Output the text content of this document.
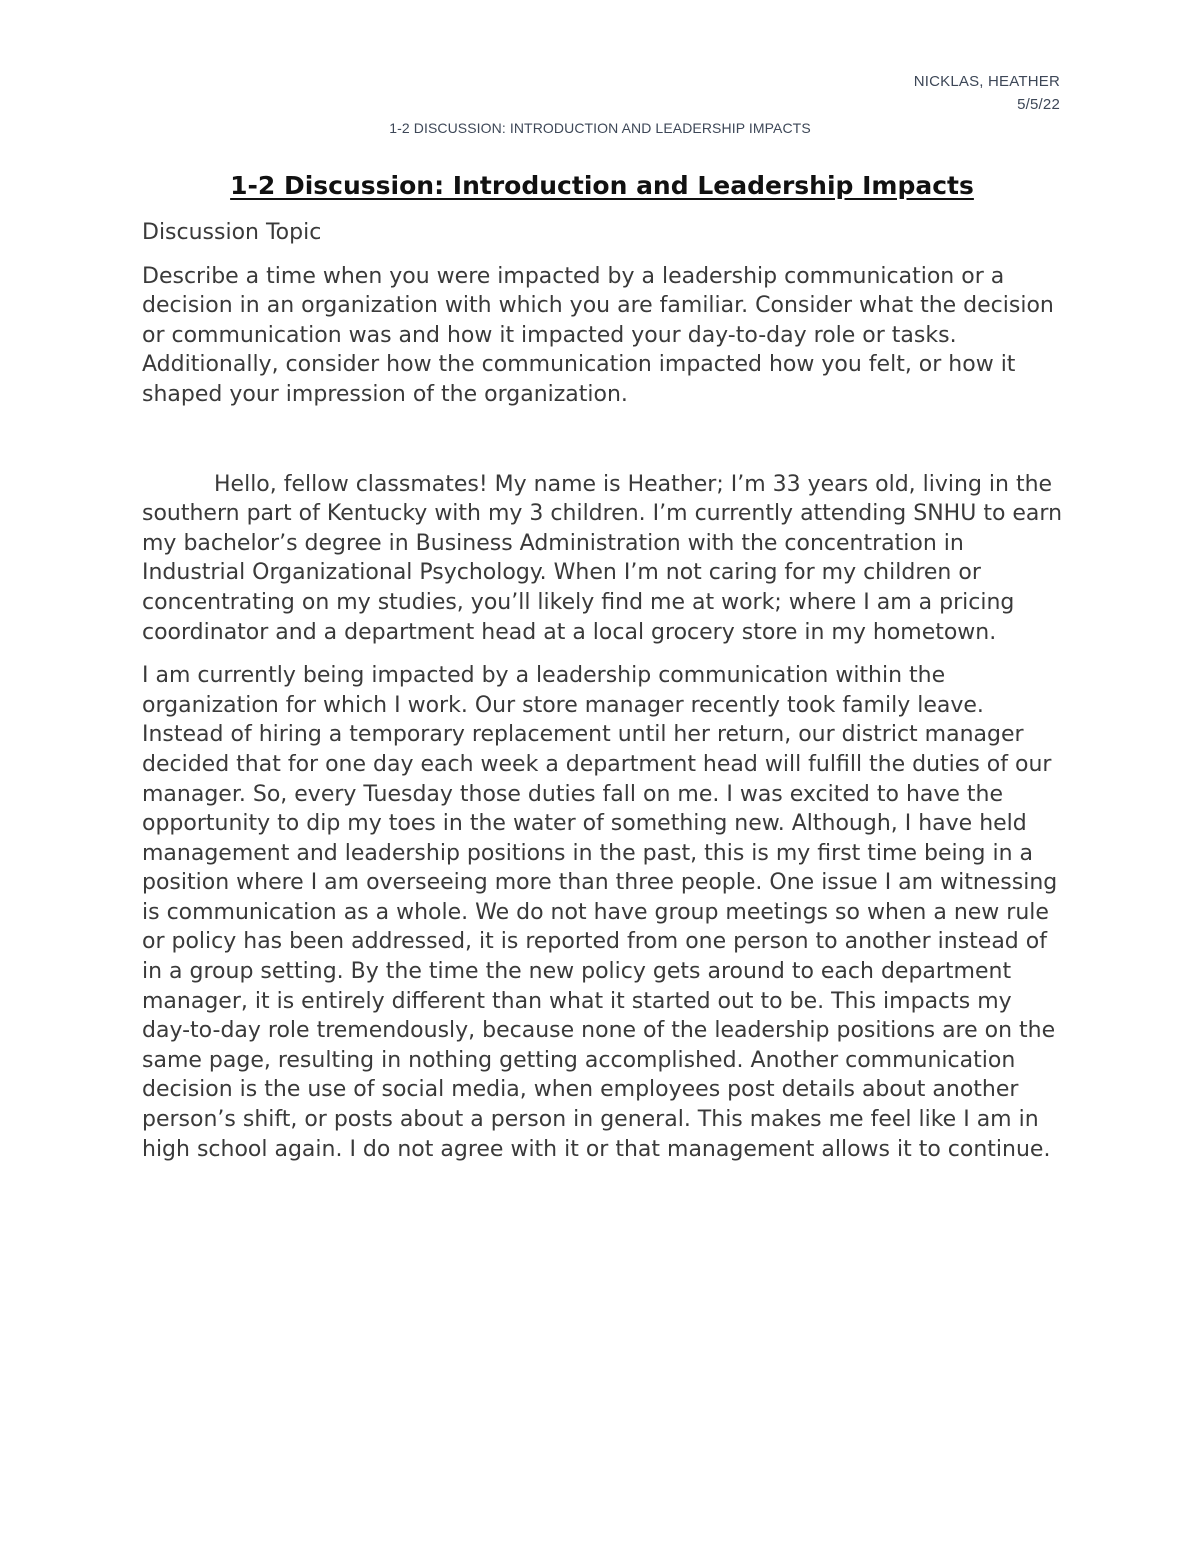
NICKLAS, HEATHER
5/5/22
1-2 DISCUSSION: INTRODUCTION AND LEADERSHIP IMPACTS
1-2 Discussion: Introduction and Leadership Impacts

Discussion Topic

Describe a time when you were impacted by a leadership communication or a decision in an organization with which you are familiar. Consider what the decision or communication was and how it impacted your day-to-day role or tasks. Additionally, consider how the communication impacted how you felt, or how it shaped your impression of the organization.

Hello, fellow classmates! My name is Heather; I’m 33 years old, living in the southern part of Kentucky with my 3 children. I’m currently attending SNHU to earn my bachelor’s degree in Business Administration with the concentration in Industrial Organizational Psychology. When I’m not caring for my children or concentrating on my studies, you’ll likely find me at work; where I am a pricing coordinator and a department head at a local grocery store in my hometown.

I am currently being impacted by a leadership communication within the organization for which I work. Our store manager recently took family leave. Instead of hiring a temporary replacement until her return, our district manager decided that for one day each week a department head will fulfill the duties of our manager. So, every Tuesday those duties fall on me. I was excited to have the opportunity to dip my toes in the water of something new. Although, I have held management and leadership positions in the past, this is my first time being in a position where I am overseeing more than three people. One issue I am witnessing is communication as a whole. We do not have group meetings so when a new rule or policy has been addressed, it is reported from one person to another instead of in a group setting. By the time the new policy gets around to each department manager, it is entirely different than what it started out to be. This impacts my day-to-day role tremendously, because none of the leadership positions are on the same page, resulting in nothing getting accomplished. Another communication decision is the use of social media, when employees post details about another person’s shift, or posts about a person in general. This makes me feel like I am in high school again. I do not agree with it or that management allows it to continue.
